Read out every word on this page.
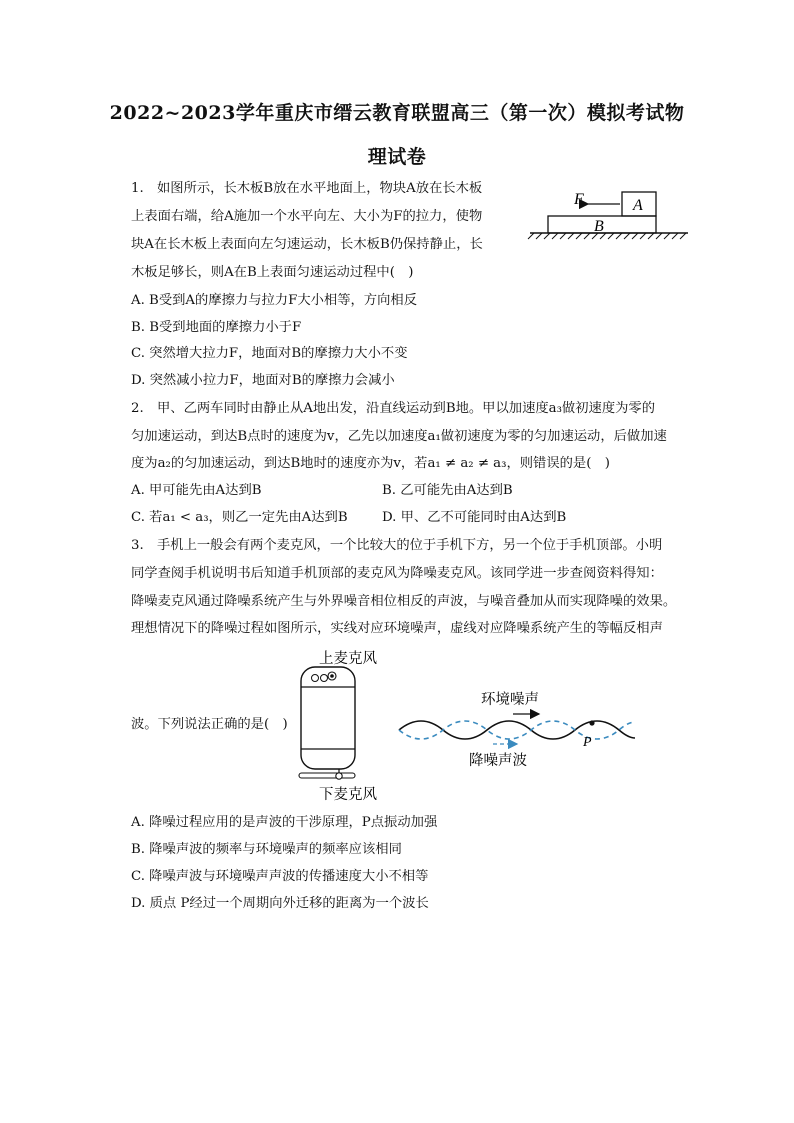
2022~2023学年重庆市缙云教育联盟高三（第一次）模拟考试物
理试卷
1.　如图所示，长木板B放在水平地面上，物块A放在长木板
上表面右端，给A施加一个水平向左、大小为F的拉力，使物
块A在长木板上表面向左匀速运动，长木板B仍保持静止，长
木板足够长，则A在B上表面匀速运动过程中(　)
A. B受到A的摩擦力与拉力F大小相等，方向相反
B. B受到地面的摩擦力小于F
C. 突然增大拉力F，地面对B的摩擦力大小不变
D. 突然减小拉力F，地面对B的摩擦力会减小
F	A
B
2.　甲、乙两车同时由静止从A地出发，沿直线运动到B地。甲以加速度a₃做初速度为零的
匀加速运动，到达B点时的速度为v，乙先以加速度a₁做初速度为零的匀加速运动，后做加速
度为a₂的匀加速运动，到达B地时的速度亦为v，若a₁ ≠ a₂ ≠ a₃，则错误的是(　)
A. 甲可能先由A达到B	B. 乙可能先由A达到B
C. 若a₁ < a₃，则乙一定先由A达到B	D. 甲、乙不可能同时由A达到B
3.　手机上一般会有两个麦克风，一个比较大的位于手机下方，另一个位于手机顶部。小明
同学查阅手机说明书后知道手机顶部的麦克风为降噪麦克风。该同学进一步查阅资料得知：
降噪麦克风通过降噪系统产生与外界噪音相位相反的声波，与噪音叠加从而实现降噪的效果。
理想情况下的降噪过程如图所示，实线对应环境噪声，虚线对应降噪系统产生的等幅反相声
波。下列说法正确的是(　)
上麦克风
下麦克风
P
环境噪声
降噪声波
A. 降噪过程应用的是声波的干涉原理，P点振动加强
B. 降噪声波的频率与环境噪声的频率应该相同
C. 降噪声波与环境噪声声波的传播速度大小不相等
D. 质点 P经过一个周期向外迁移的距离为一个波长
